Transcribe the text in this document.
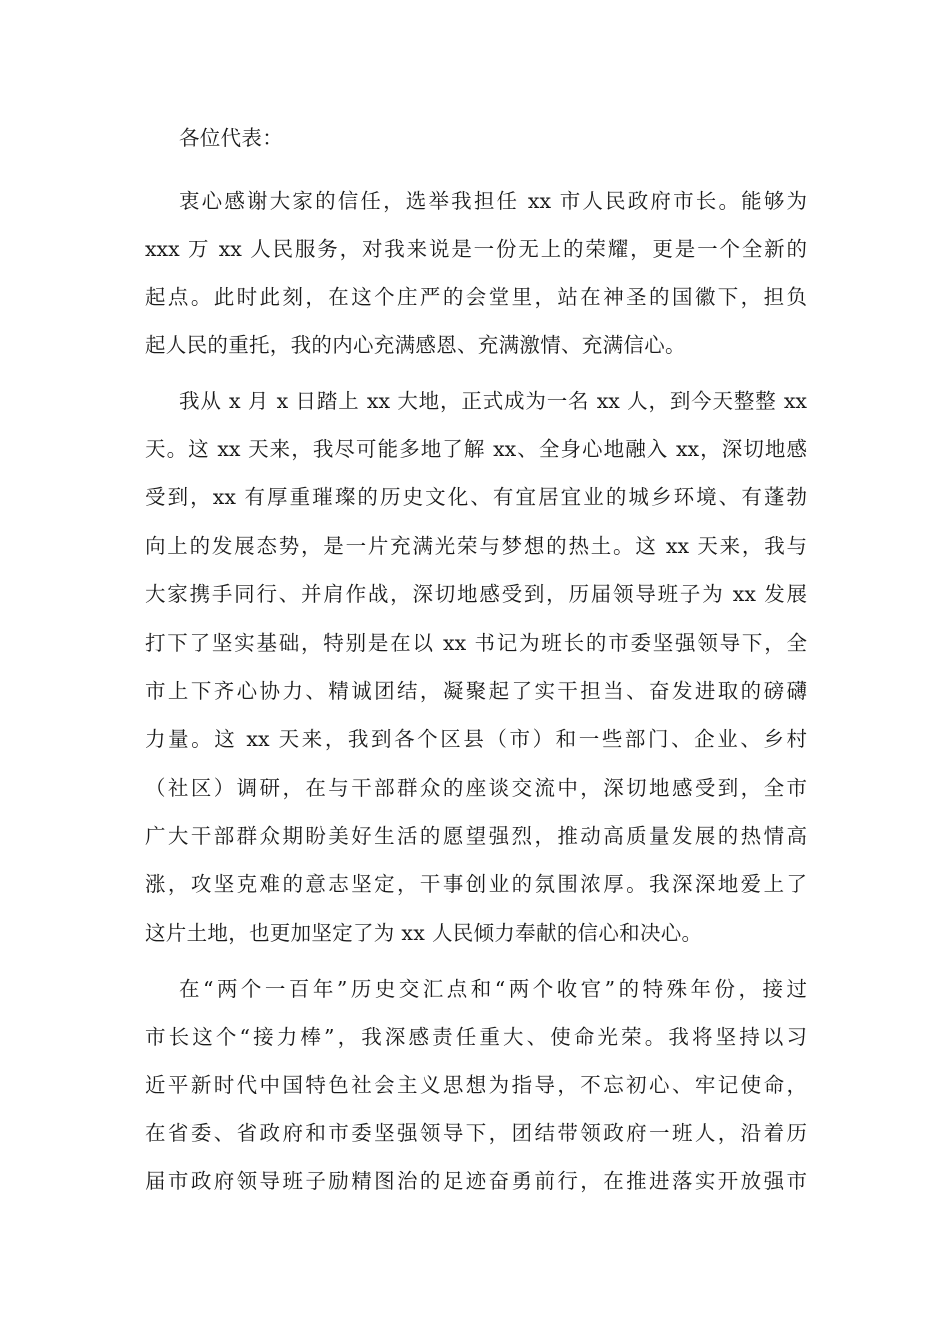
各位代表：
衷心感谢大家的信任，选举我担任 xx 市人民政府市长。能够为
xxx 万 xx 人民服务，对我来说是一份无上的荣耀，更是一个全新的
起点。此时此刻，在这个庄严的会堂里，站在神圣的国徽下，担负
起人民的重托，我的内心充满感恩、充满激情、充满信心。
我从 x 月 x 日踏上 xx 大地，正式成为一名 xx 人，到今天整整 xx
天。这 xx 天来，我尽可能多地了解 xx、全身心地融入 xx，深切地感
受到，xx 有厚重璀璨的历史文化、有宜居宜业的城乡环境、有蓬勃
向上的发展态势，是一片充满光荣与梦想的热土。这 xx 天来，我与
大家携手同行、并肩作战，深切地感受到，历届领导班子为 xx 发展
打下了坚实基础，特别是在以 xx 书记为班长的市委坚强领导下，全
市上下齐心协力、精诚团结，凝聚起了实干担当、奋发进取的磅礴
力量。这 xx 天来，我到各个区县（市）和一些部门、企业、乡村
（社区）调研，在与干部群众的座谈交流中，深切地感受到，全市
广大干部群众期盼美好生活的愿望强烈，推动高质量发展的热情高
涨，攻坚克难的意志坚定，干事创业的氛围浓厚。我深深地爱上了
这片土地，也更加坚定了为 xx 人民倾力奉献的信心和决心。
在“两个一百年”历史交汇点和“两个收官”的特殊年份，接过
市长这个“接力棒”，我深感责任重大、使命光荣。我将坚持以习
近平新时代中国特色社会主义思想为指导，不忘初心、牢记使命，
在省委、省政府和市委坚强领导下，团结带领政府一班人，沿着历
届市政府领导班子励精图治的足迹奋勇前行，在推进落实开放强市
